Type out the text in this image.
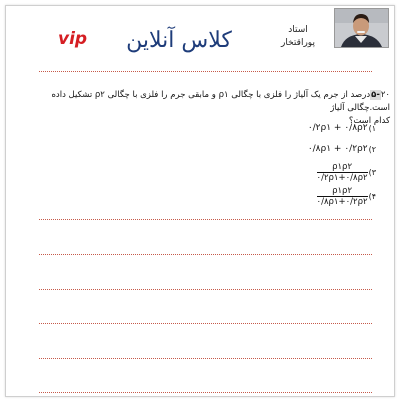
استاد
پوراقتخار
کلاس آنلاین
vip
۵-۲۰درصد از جرم یک آلیاژ را فلزی با چگالی ρ۱ و مابقی جرم را فلزی با چگالی ρ۲ تشکیل داده است.چگالی آلیاژ
کدام است؟
۰/۲ρ۱ + ۰/۸ρ۲ (۱
۰/۸ρ۱ + ۰/۲ρ۲ (۲
$\frac{\rho ۱\rho ۲}{۰/۲\rho ۱+۰/۸\rho ۲}$ (۳
$\frac{\rho ۱\rho ۲}{۰/۸\rho ۱+۰/۲\rho ۲}$ (۴
